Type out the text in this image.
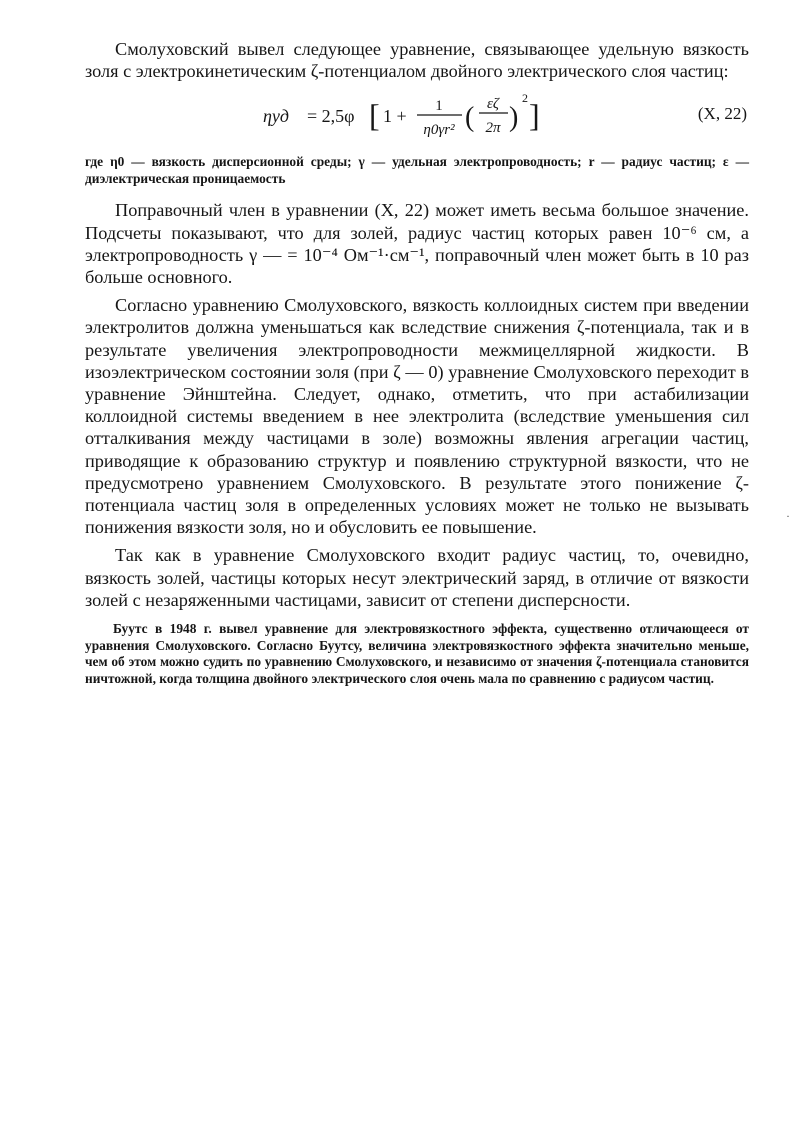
Смолуховский вывел следующее уравнение, связывающее удельную вязкость золя с электрокинетическим ζ-потенциалом двойного электрического слоя частиц:

ηуд = 2,5φ [ 1 + 1
η0γr² ( εζ
2π )
2 ]	(X, 22)

где η0 — вязкость дисперсионной среды; γ — удельная электропроводность; r — радиус частиц; ε — диэлектрическая проницаемость

Поправочный член в уравнении (X, 22) может иметь весьма большое значение. Подсчеты показывают, что для золей, радиус частиц которых равен 10⁻⁶ см, а электропроводность γ — = 10⁻⁴ Ом⁻¹·см⁻¹, поправочный член может быть в 10 раз больше основного.

Согласно уравнению Смолуховского, вязкость коллоидных систем при введении электролитов должна уменьшаться как вследствие снижения ζ-потенциала, так и в результате увеличения электропроводности межмицеллярной жидкости. В изоэлектрическом состоянии золя (при ζ — 0) уравнение Смолуховского переходит в уравнение Эйнштейна. Следует, однако, отметить, что при астабилизации коллоидной системы введением в нее электролита (вследствие уменьшения сил отталкивания между частицами в золе) возможны явления агрегации частиц, приводящие к образованию структур и появлению структурной вязкости, что не предусмотрено уравнением Смолуховского. В результате этого понижение ζ-потенциала частиц золя в определенных условиях может не только не вызывать понижения вязкости золя, но и обусловить ее повышение.

Так как в уравнение Смолуховского входит радиус частиц, то, очевидно, вязкость золей, частицы которых несут электрический заряд, в отличие от вязкости золей с незаряженными частицами, зависит от степени дисперсности.

Буутс в 1948 г. вывел уравнение для электровязкостного эффекта, существенно отличающееся от уравнения Смолуховского. Согласно Буутсу, величина электровязкостного эффекта значительно меньше, чем об этом можно судить по уравнению Смолуховского, и независимо от значения ζ-потенциала становится ничтожной, когда толщина двойного электрического слоя очень мала по сравнению с радиусом частиц.

·
